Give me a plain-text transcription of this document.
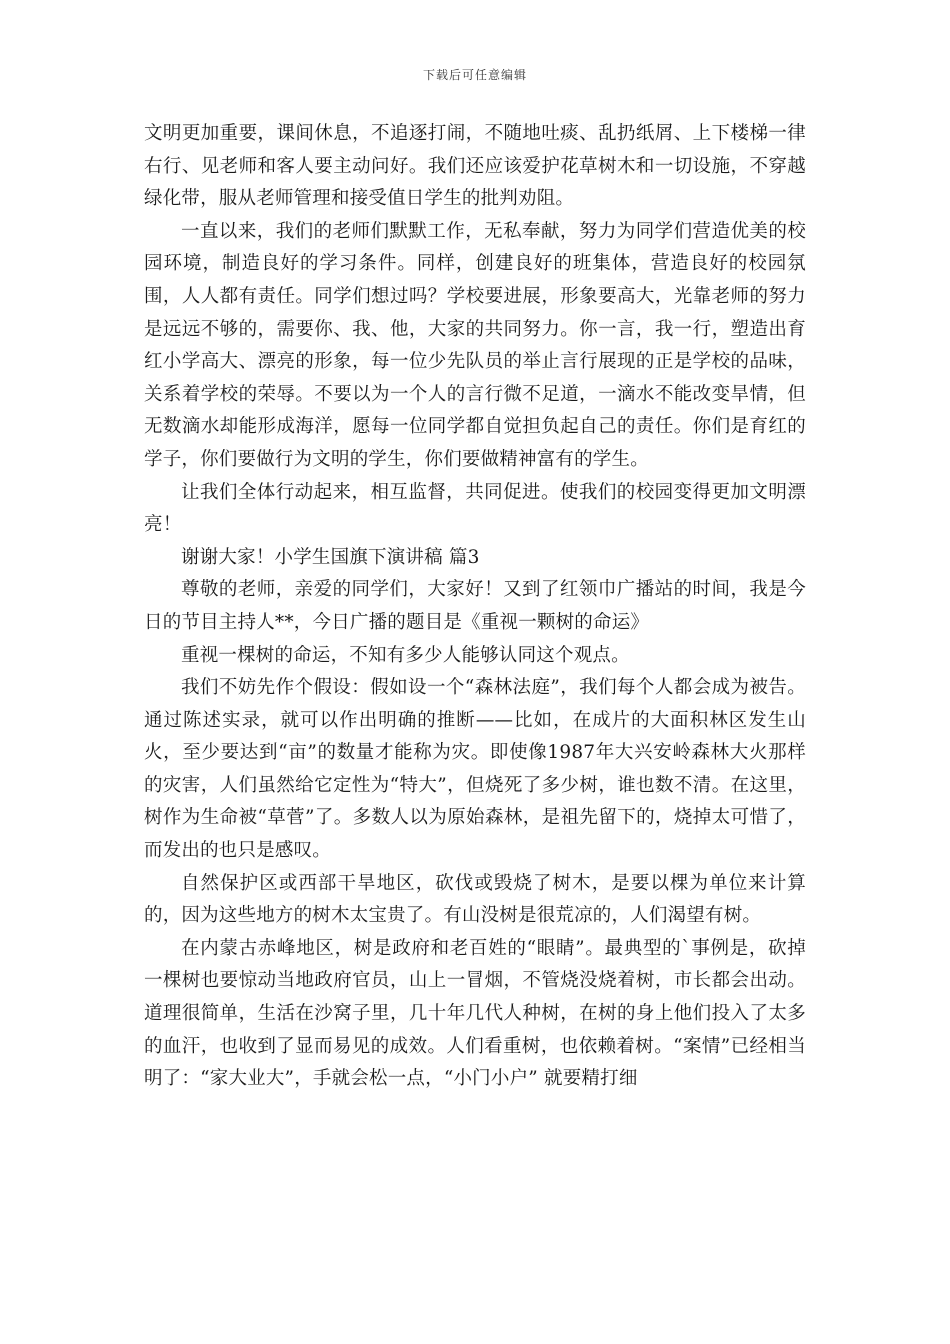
下载后可任意编辑

文明更加重要，课间休息，不追逐打闹，不随地吐痰、乱扔纸屑、上下楼梯一律右行、见老师和客人要主动问好。我们还应该爱护花草树木和一切设施，不穿越绿化带，服从老师管理和接受值日学生的批判劝阻。

一直以来，我们的老师们默默工作，无私奉献，努力为同学们营造优美的校园环境，制造良好的学习条件。同样，创建良好的班集体，营造良好的校园氛围，人人都有责任。同学们想过吗？学校要进展，形象要高大，光靠老师的努力是远远不够的，需要你、我、他，大家的共同努力。你一言，我一行，塑造出育红小学高大、漂亮的形象，每一位少先队员的举止言行展现的正是学校的品味，关系着学校的荣辱。不要以为一个人的言行微不足道，一滴水不能改变旱情，但无数滴水却能形成海洋，愿每一位同学都自觉担负起自己的责任。你们是育红的学子，你们要做行为文明的学生，你们要做精神富有的学生。

让我们全体行动起来，相互监督，共同促进。使我们的校园变得更加文明漂亮！

谢谢大家！小学生国旗下演讲稿 篇3

尊敬的老师，亲爱的同学们，大家好！又到了红领巾广播站的时间，我是今日的节目主持人**，今日广播的题目是《重视一颗树的命运》

重视一棵树的命运，不知有多少人能够认同这个观点。

我们不妨先作个假设：假如设一个“森林法庭”，我们每个人都会成为被告。通过陈述实录，就可以作出明确的推断——比如，在成片的大面积林区发生山火，至少要达到“亩”的数量才能称为灾。即使像1987年大兴安岭森林大火那样的灾害，人们虽然给它定性为“特大”，但烧死了多少树，谁也数不清。在这里，树作为生命被“草菅”了。多数人以为原始森林，是祖先留下的，烧掉太可惜了，而发出的也只是感叹。

自然保护区或西部干旱地区，砍伐或毁烧了树木，是要以棵为单位来计算的，因为这些地方的树木太宝贵了。有山没树是很荒凉的，人们渴望有树。

在内蒙古赤峰地区，树是政府和老百姓的“眼睛”。最典型的`事例是，砍掉一棵树也要惊动当地政府官员，山上一冒烟，不管烧没烧着树，市长都会出动。道理很简单，生活在沙窝子里，几十年几代人种树，在树的身上他们投入了太多的血汗，也收到了显而易见的成效。人们看重树，也依赖着树。“案情”已经相当明了：“家大业大”，手就会松一点，“小门小户” 就要精打细
